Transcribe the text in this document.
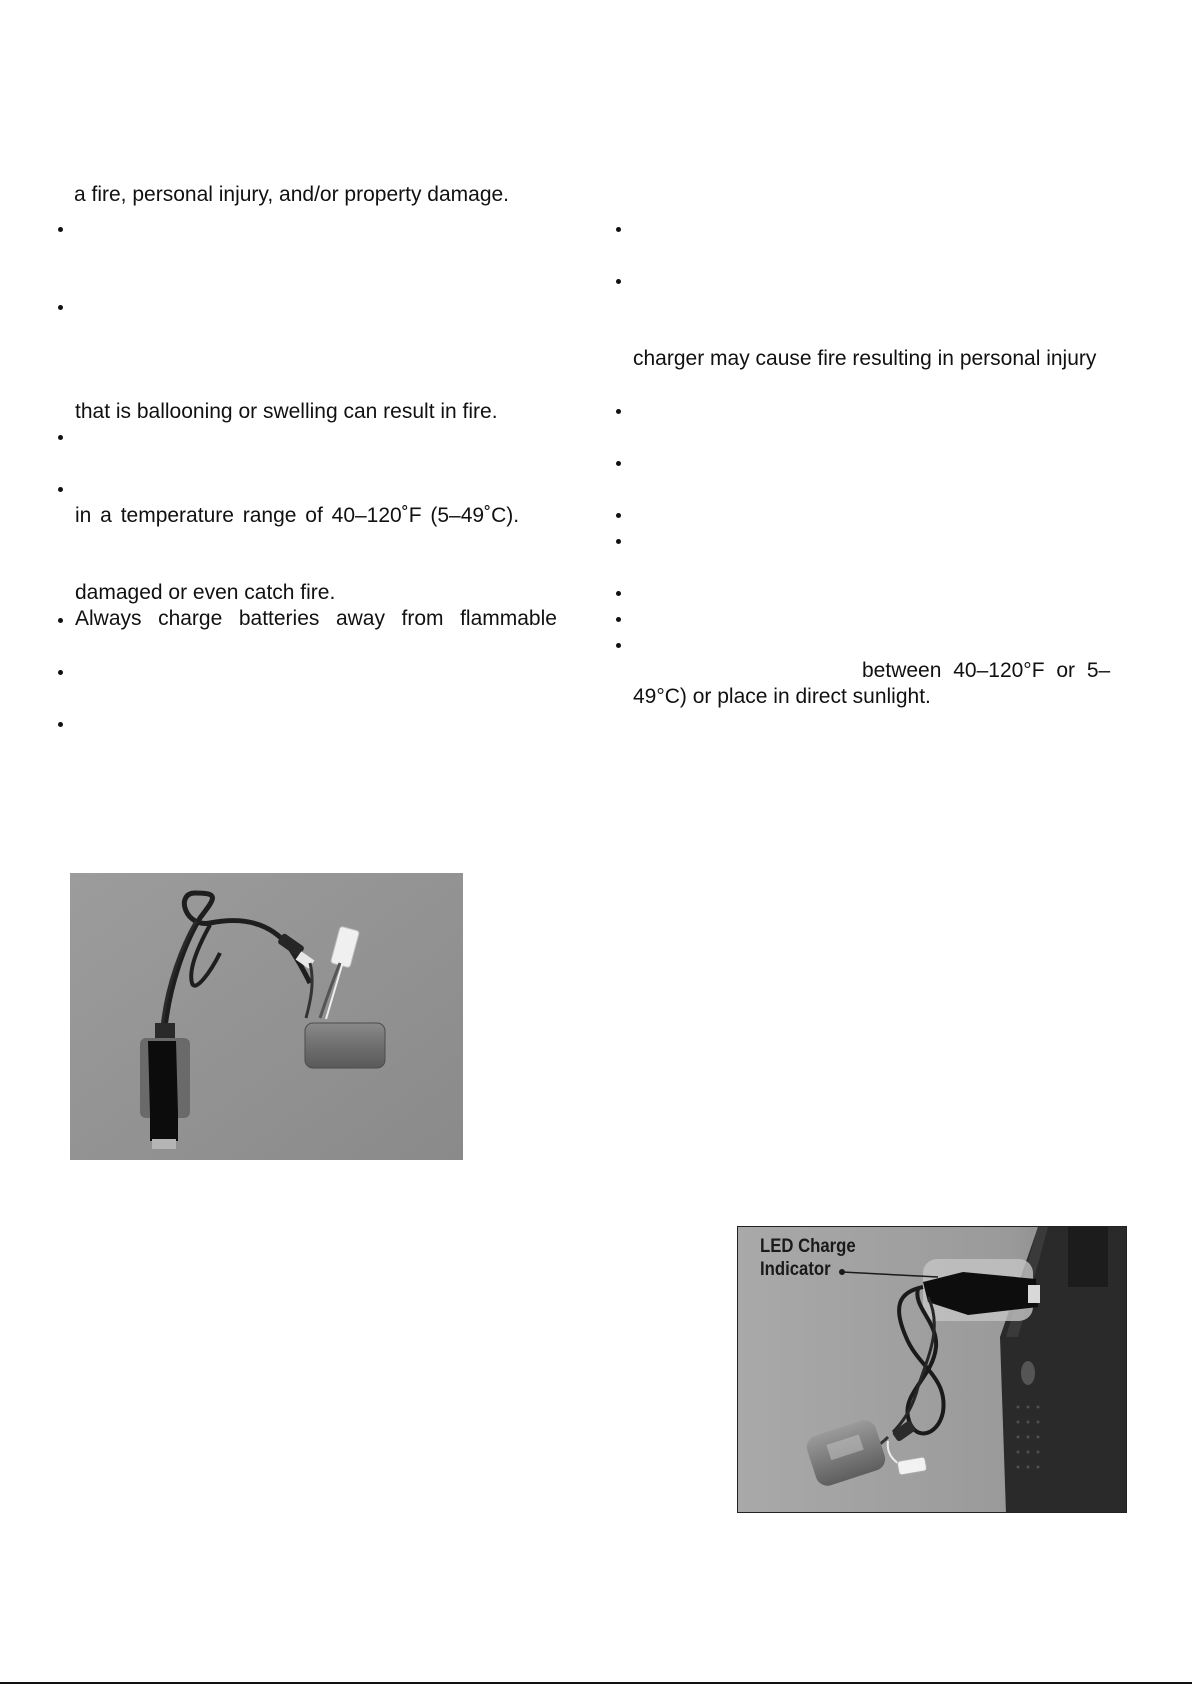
a fire, personal injury, and/or property damage.
that is ballooning or swelling can result in fire.
in a temperature range of 40–120˚F (5–49˚C).
damaged or even catch fire.
Always charge batteries away from flammable
charger may cause fire resulting in personal injury
between 40–120°F or 5–
49°C) or place in direct sunlight.
LED Charge
Indicator
